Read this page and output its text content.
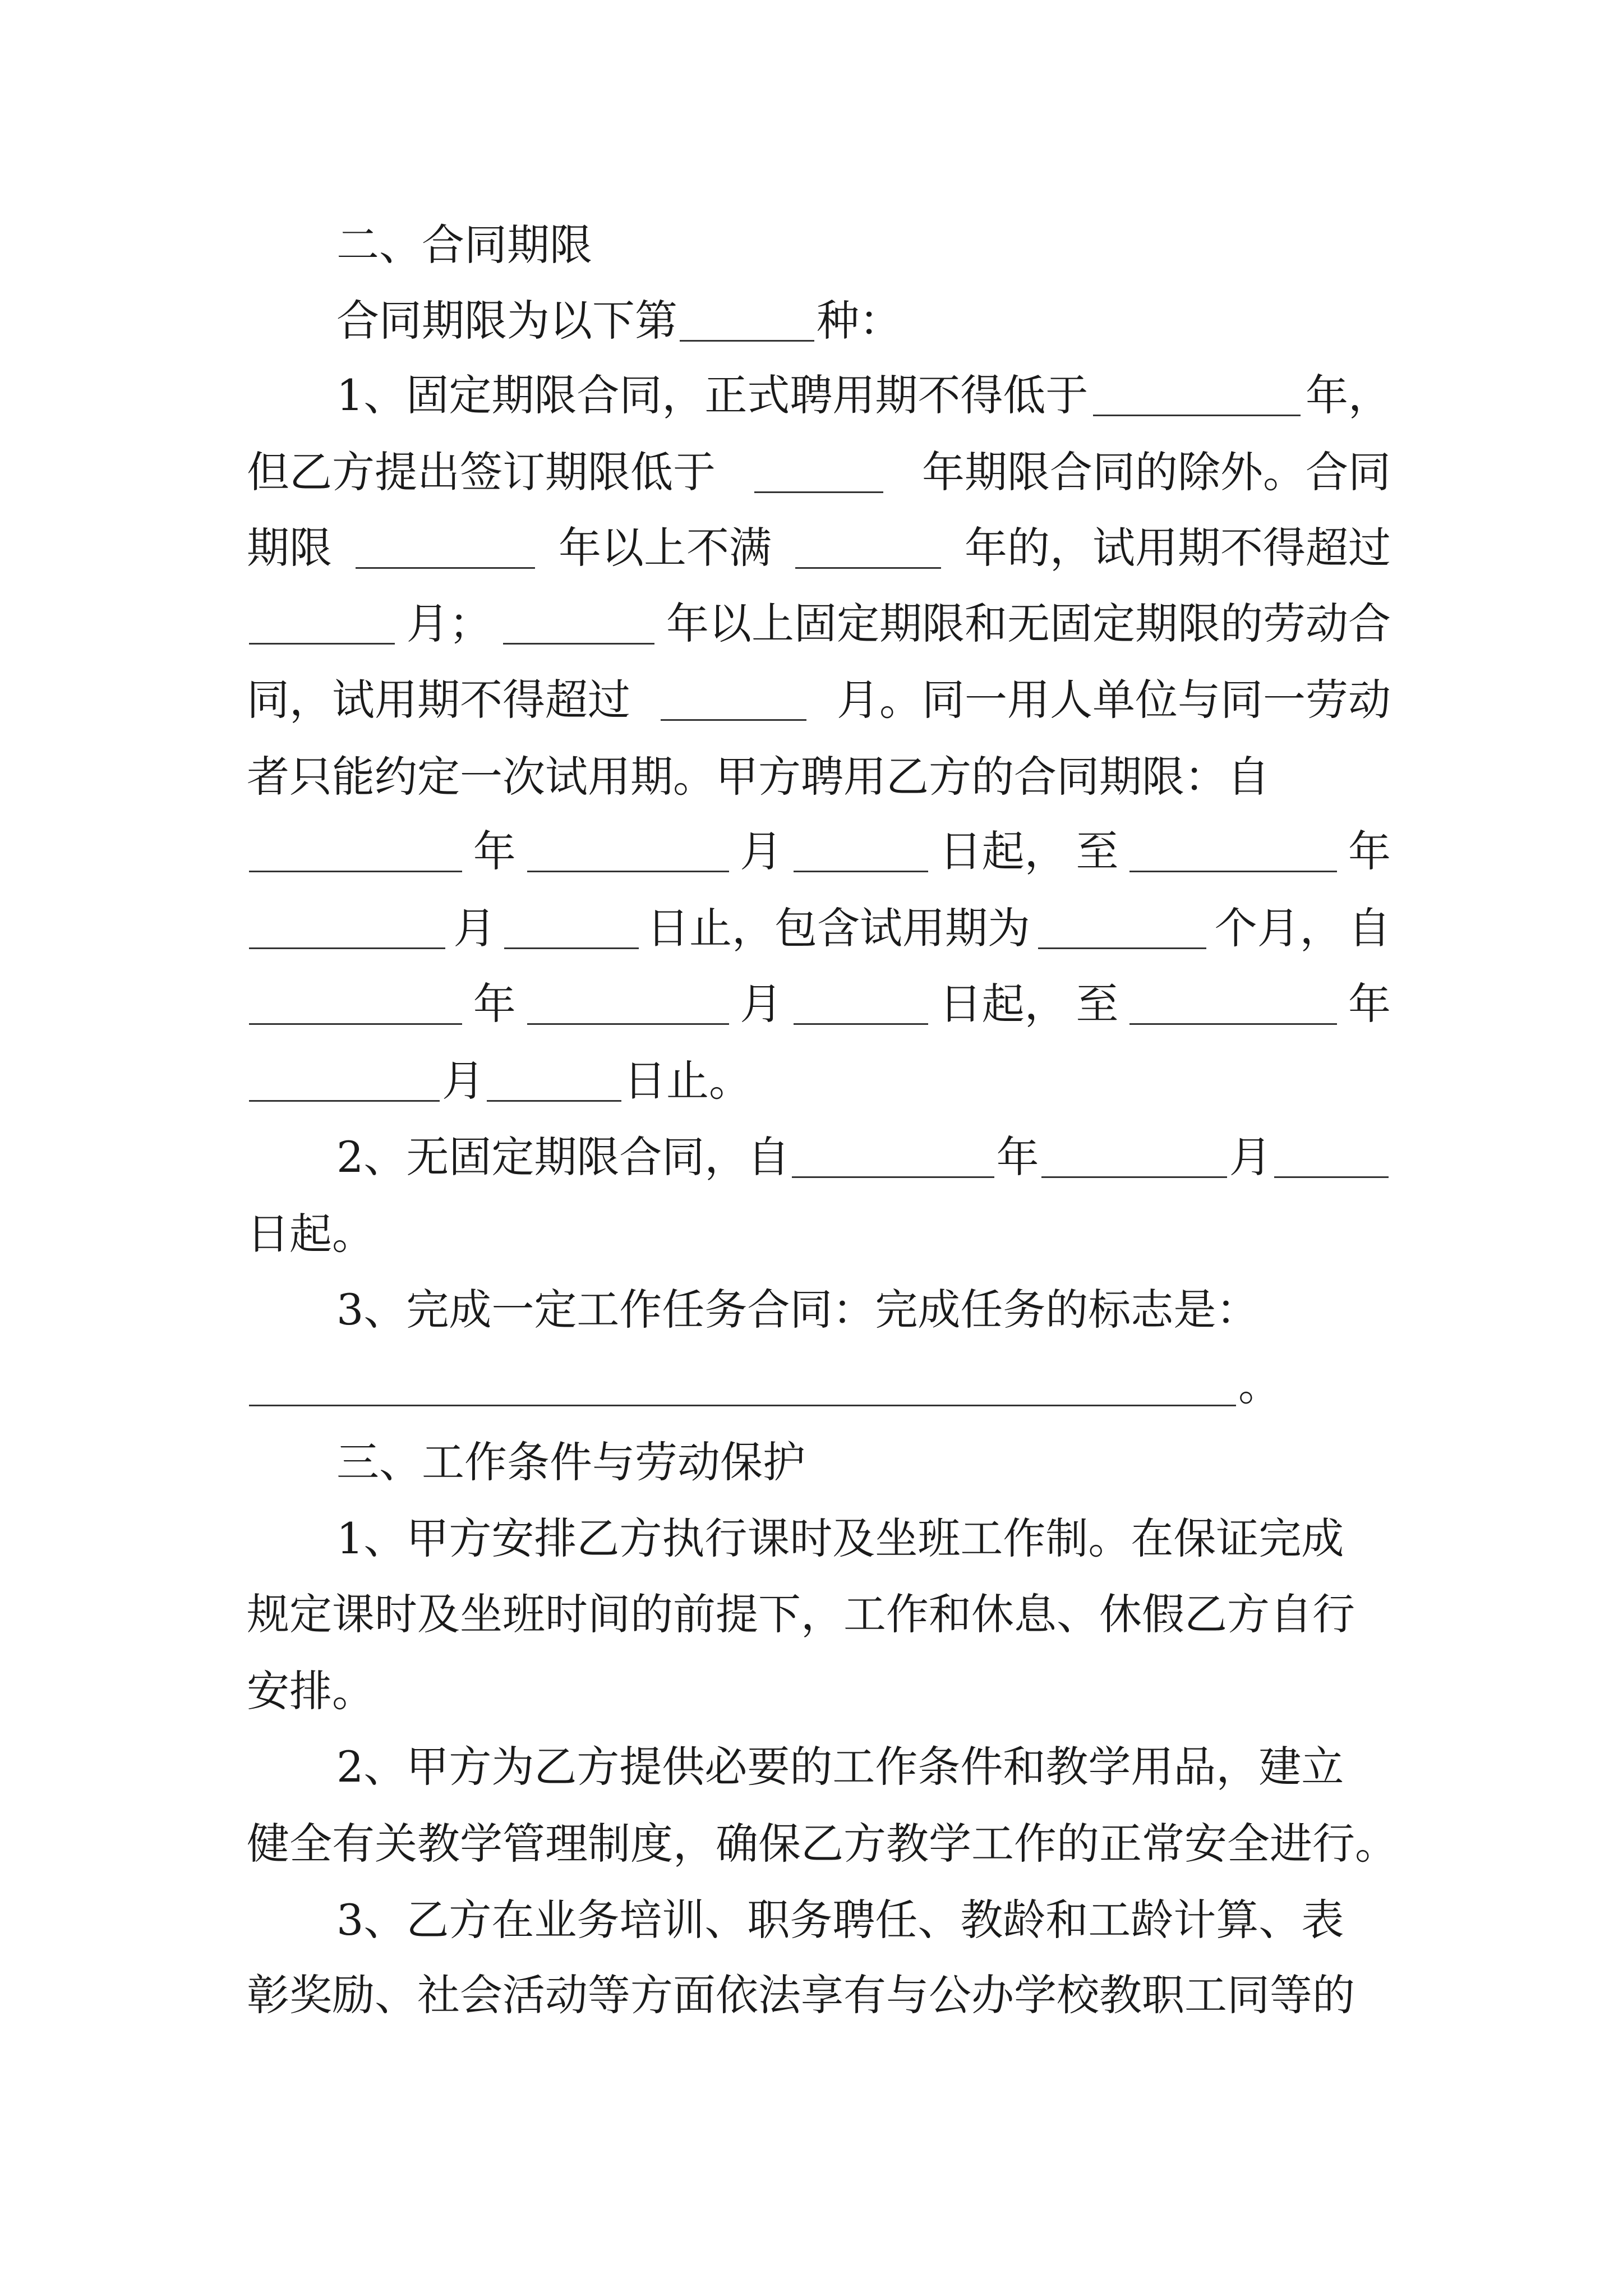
二、合同期限
合同期限为以下第	种：
1、固定期限合同，正式聘用期不得低于	年，
但乙方提出签订期限低于	年期限合同的除外。合同
期限	年以上不满	年的，试用期不得超过
月；	年以上固定期限和无固定期限的劳动合
同，试用期不得超过	月。同一用人单位与同一劳动
者只能约定一次试用期。甲方聘用乙方的合同期限：自
年	月	日起， 至	年
月	日止，包含试用期为	个月， 自
年	月	日起， 至	年
月	日止。
2、无固定期限合同，自	年	月
日起。
3、完成一定工作任务合同：完成任务的标志是：
。
三、工作条件与劳动保护
1、甲方安排乙方执行课时及坐班工作制。在保证完成
规定课时及坐班时间的前提下，工作和休息、休假乙方自行
安排。
2、甲方为乙方提供必要的工作条件和教学用品，建立
健全有关教学管理制度，确保乙方教学工作的正常安全进行。
3、乙方在业务培训、职务聘任、教龄和工龄计算、表
彰奖励、社会活动等方面依法享有与公办学校教职工同等的
